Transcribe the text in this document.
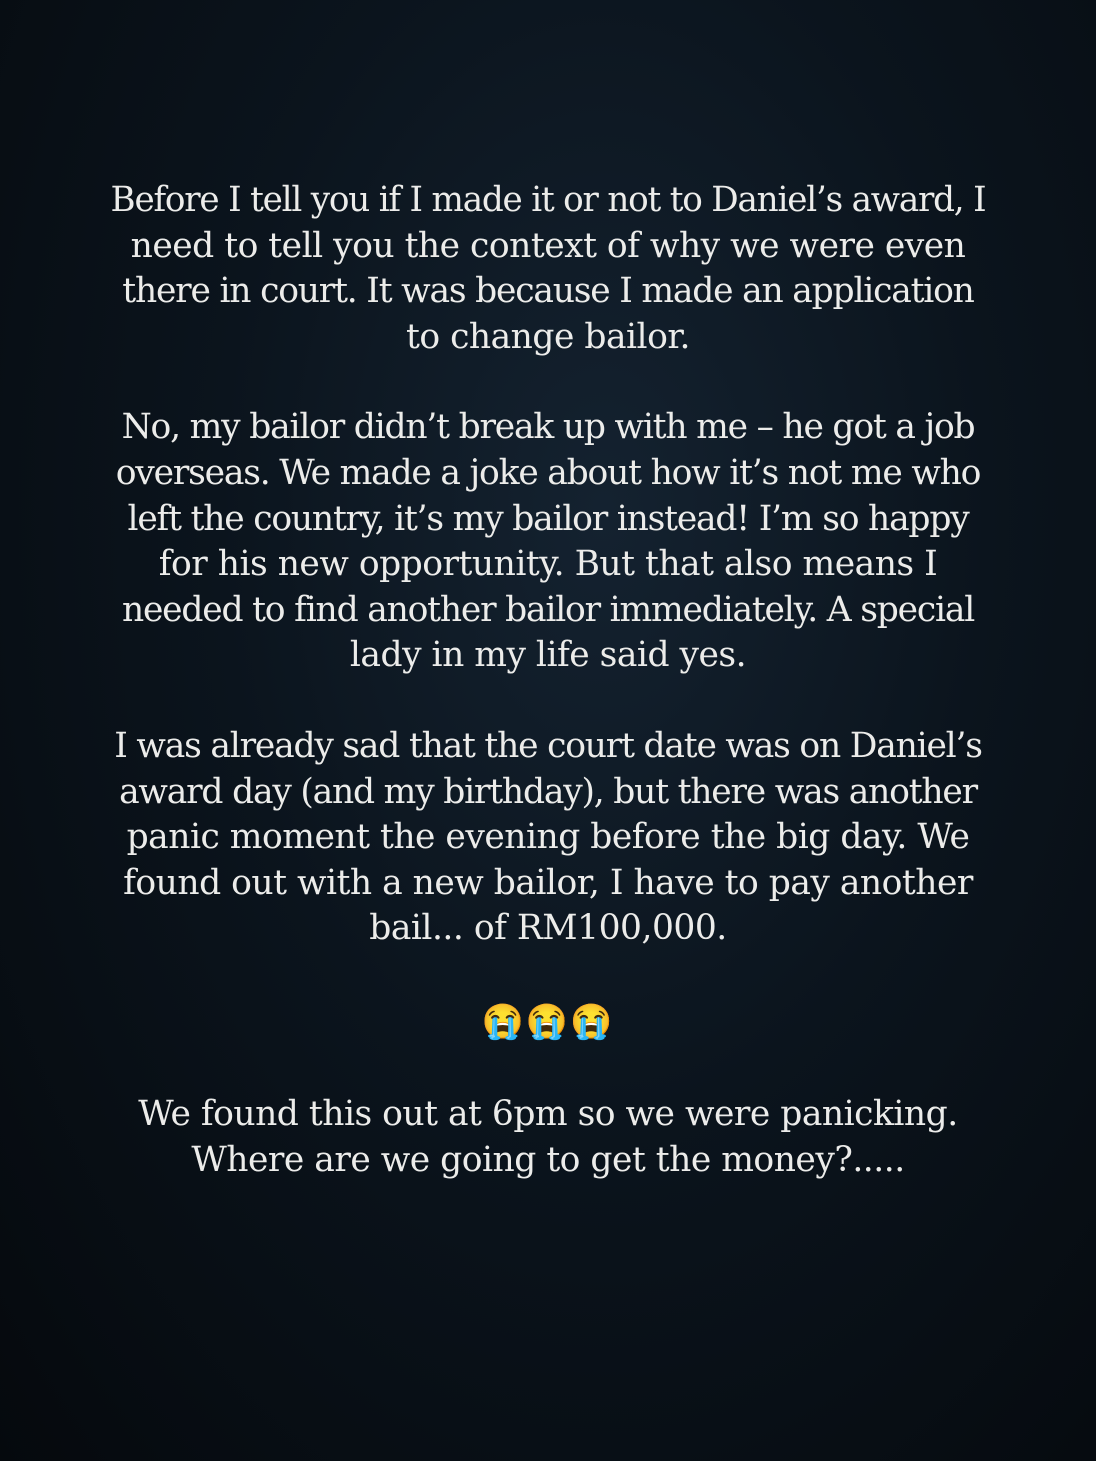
Before I tell you if I made it or not to Daniel’s award, I
need to tell you the context of why we were even
there in court. It was because I made an application
to change bailor.

No, my bailor didn’t break up with me – he got a job
overseas. We made a joke about how it’s not me who
left the country, it’s my bailor instead! I’m so happy
for his new opportunity. But that also means I
needed to find another bailor immediately. A special
lady in my life said yes.

I was already sad that the court date was on Daniel’s
award day (and my birthday), but there was another
panic moment the evening before the big day. We
found out with a new bailor, I have to pay another
bail... of RM100,000.

😭😭😭

We found this out at 6pm so we were panicking.
Where are we going to get the money?.....
